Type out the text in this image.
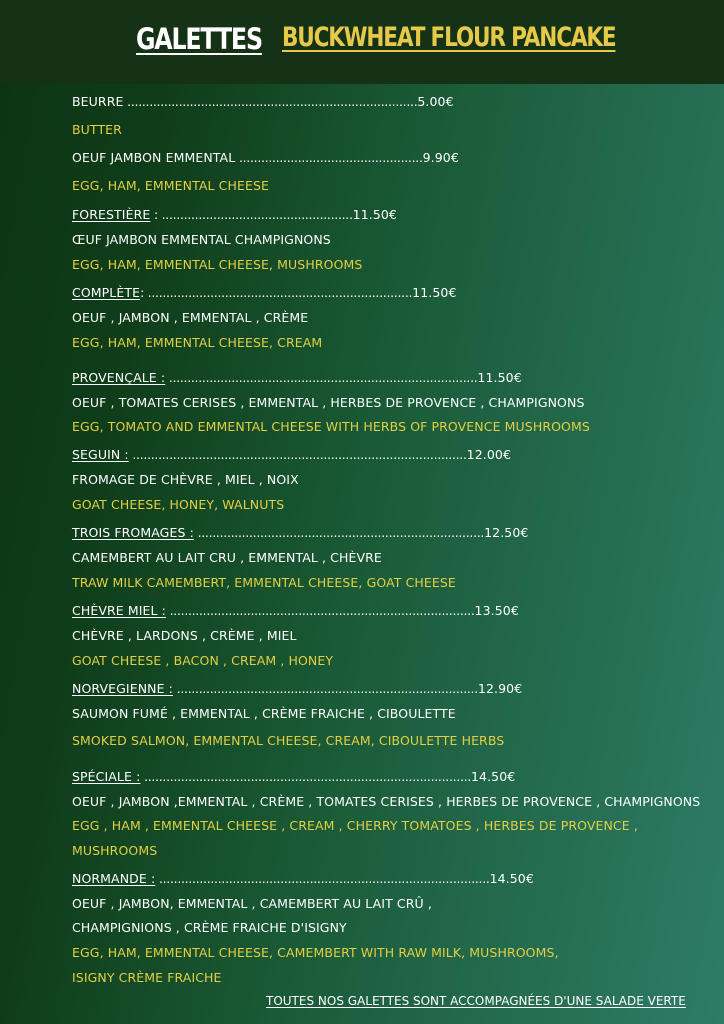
GALETTES BUCKWHEAT FLOUR PANCAKE
BEURRE ...............................................................................5.00€
BUTTER
OEUF JAMBON EMMENTAL ..................................................9.90€
EGG, HAM, EMMENTAL CHEESE
FORESTIÈRE : ....................................................11.50€
ŒUF JAMBON EMMENTAL CHAMPIGNONS
EGG, HAM, EMMENTAL CHEESE, MUSHROOMS
COMPLÈTE: ........................................................................11.50€
OEUF , JAMBON , EMMENTAL , CRÈME
EGG, HAM, EMMENTAL CHEESE, CREAM
PROVENÇALE : ....................................................................................11.50€
OEUF , TOMATES CERISES , EMMENTAL , HERBES DE PROVENCE , CHAMPIGNONS
EGG, TOMATO AND EMMENTAL CHEESE WITH HERBS OF PROVENCE MUSHROOMS
SEGUIN : ...........................................................................................12.00€
FROMAGE DE CHÈVRE , MIEL , NOIX
GOAT CHEESE, HONEY, WALNUTS
TROIS FROMAGES : ..............................................................................12.50€
CAMEMBERT AU LAIT CRU , EMMENTAL , CHÈVRE
TRAW MILK CAMEMBERT, EMMENTAL CHEESE, GOAT CHEESE
CHÈVRE MIEL : ...................................................................................13.50€
CHÈVRE , LARDONS , CRÈME , MIEL
GOAT CHEESE , BACON , CREAM , HONEY
NORVEGIENNE : ..................................................................................12.90€
SAUMON FUMÉ , EMMENTAL , CRÈME FRAICHE , CIBOULETTE
SMOKED SALMON, EMMENTAL CHEESE, CREAM, CIBOULETTE HERBS
SPÉCIALE : .........................................................................................14.50€
OEUF , JAMBON ,EMMENTAL , CRÈME , TOMATES CERISES , HERBES DE PROVENCE , CHAMPIGNONS
EGG , HAM , EMMENTAL CHEESE , CREAM , CHERRY TOMATOES , HERBES DE PROVENCE ,
MUSHROOMS
NORMANDE : ..........................................................................................14.50€
OEUF , JAMBON, EMMENTAL , CAMEMBERT AU LAIT CRÛ ,
CHAMPIGNIONS , CRÈME FRAICHE D'ISIGNY
EGG, HAM, EMMENTAL CHEESE, CAMEMBERT WITH RAW MILK, MUSHROOMS,
ISIGNY CRÈME FRAICHE
TOUTES NOS GALETTES SONT ACCOMPAGNÉES D'UNE SALADE VERTE
